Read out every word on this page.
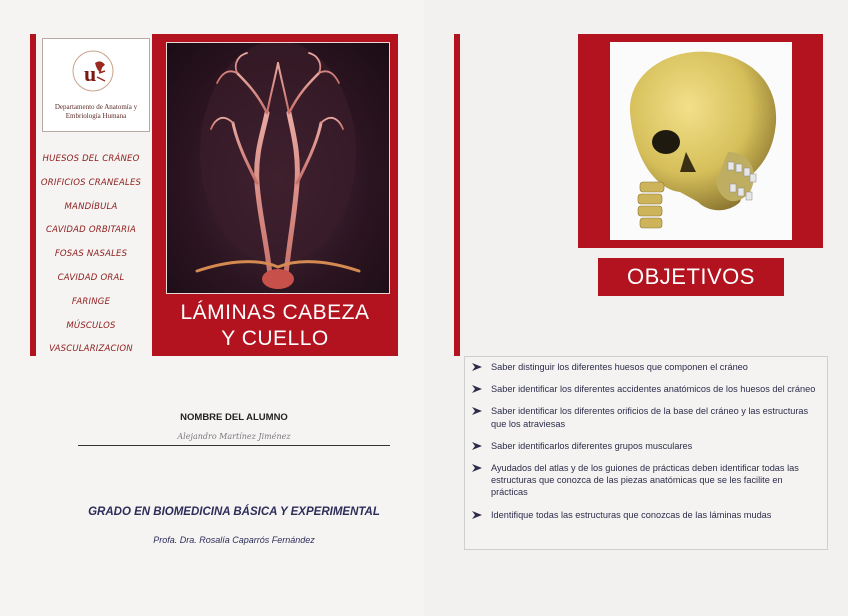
u
Departamento de Anatomía y Embriología Humana
HUESOS DEL CRÁNEO
ORIFICIOS CRANEALES
MANDÍBULA
CAVIDAD ORBITARIA
FOSAS NASALES
CAVIDAD ORAL
FARINGE
MÚSCULOS
VASCULARIZACION
LÁMINAS CABEZA
Y CUELLO
NOMBRE DEL ALUMNO
Alejandro Martínez Jiménez
GRADO EN BIOMEDICINA BÁSICA Y EXPERIMENTAL
Profa. Dra. Rosalía Caparrós Fernández
OBJETIVOS
Saber distinguir los diferentes huesos que componen el cráneo
Saber identificar los diferentes accidentes anatómicos de los huesos del cráneo
Saber identificar los diferentes orificios de la base del cráneo y las estructuras que los atraviesas
Saber identificarlos diferentes grupos musculares
Ayudados del atlas y de los guiones de prácticas deben identificar todas las estructuras que conozca de las piezas anatómicas que se les facilite en prácticas
Identifique todas las estructuras que conozcas de las láminas mudas
